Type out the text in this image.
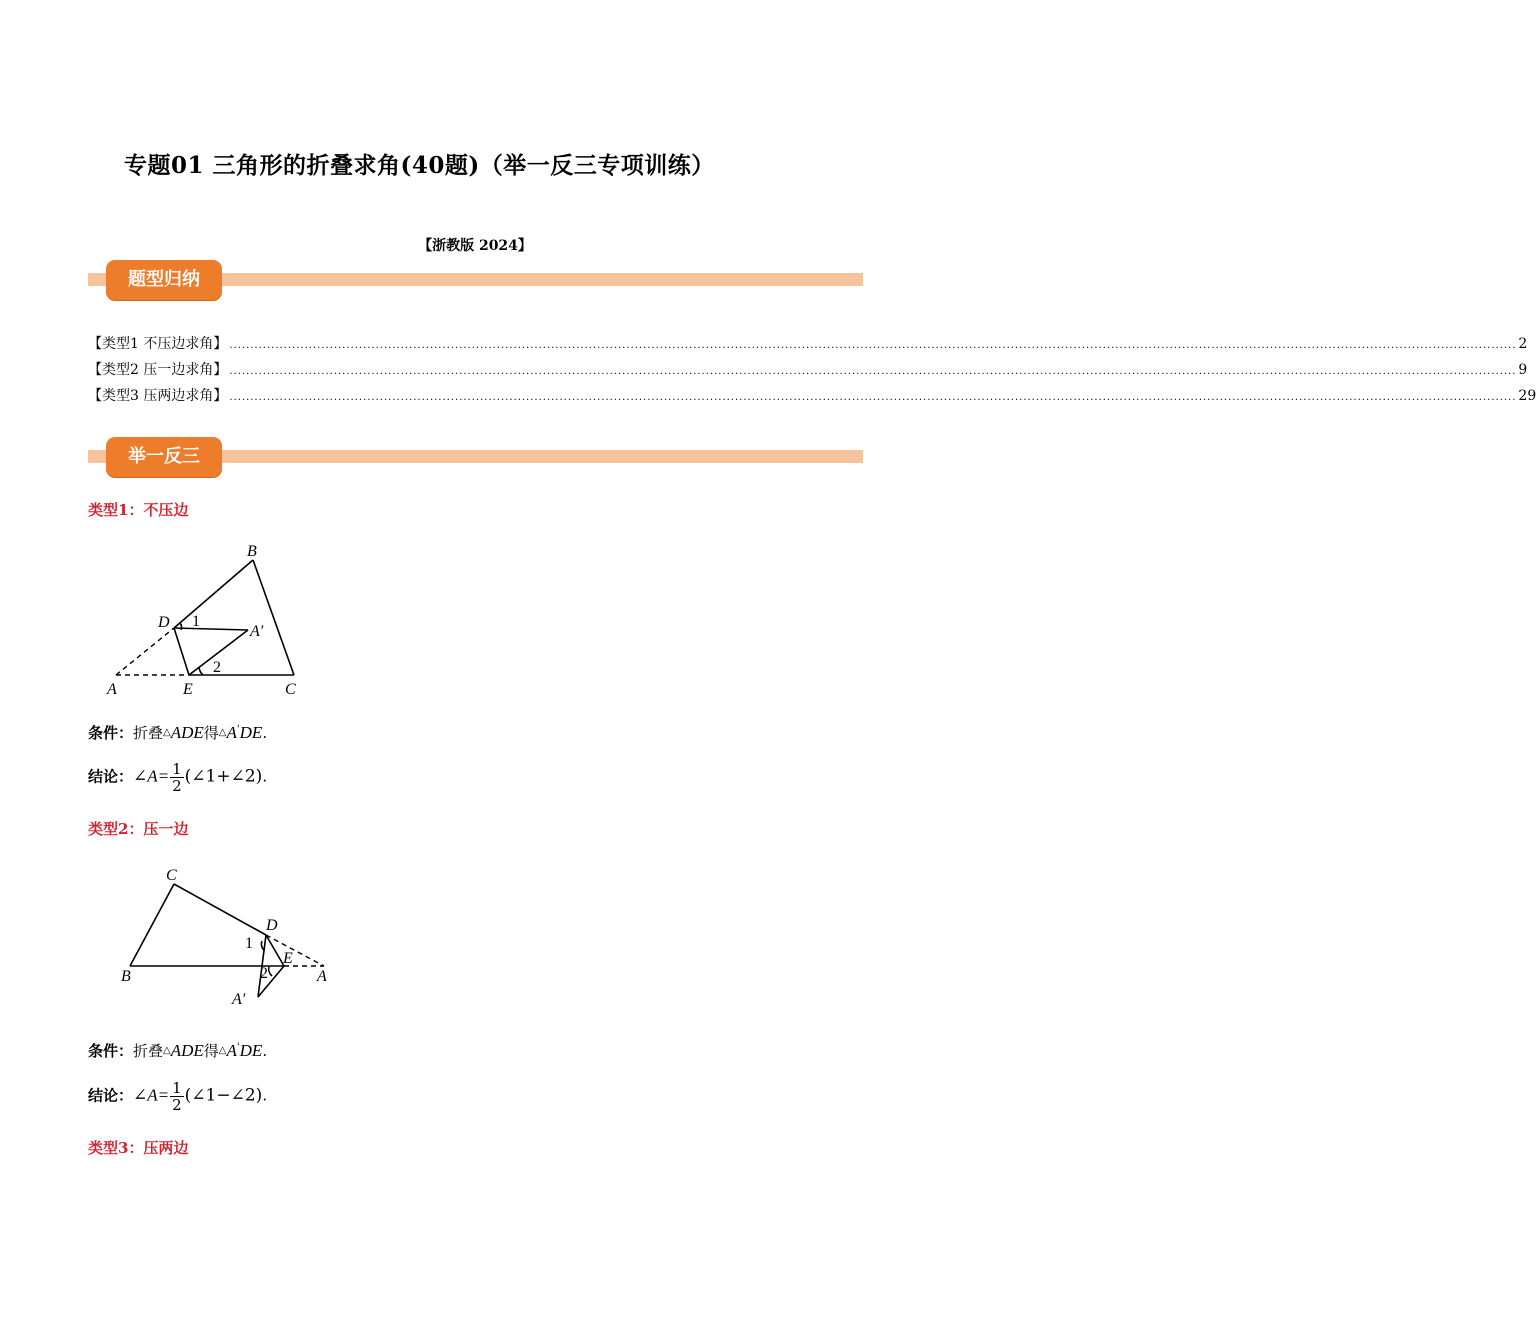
专题01 三角形的折叠求角(40题)（举一反三专项训练）
【浙教版 2024】
题型归纳
【类型1 不压边求角】 .................................................................................................................................................................................................................................................................................................................... 2
【类型2 压一边求角】 .................................................................................................................................................................................................................................................................................................................... 9
【类型3 压两边求角】 .................................................................................................................................................................................................................................................................................................................... 29
举一反三
类型1：不压边
B
D 1
A′
2
A	E	C
条件：折叠△ADE得△A'DE.
结论：∠A= $\frac{1}{2}$ (∠1+∠2).
类型2：压一边
C
D
1
E
B	2	A
A′
条件：折叠△ADE得△A'DE.
结论：∠A= $\frac{1}{2}$ (∠1−∠2).
类型3：压两边
